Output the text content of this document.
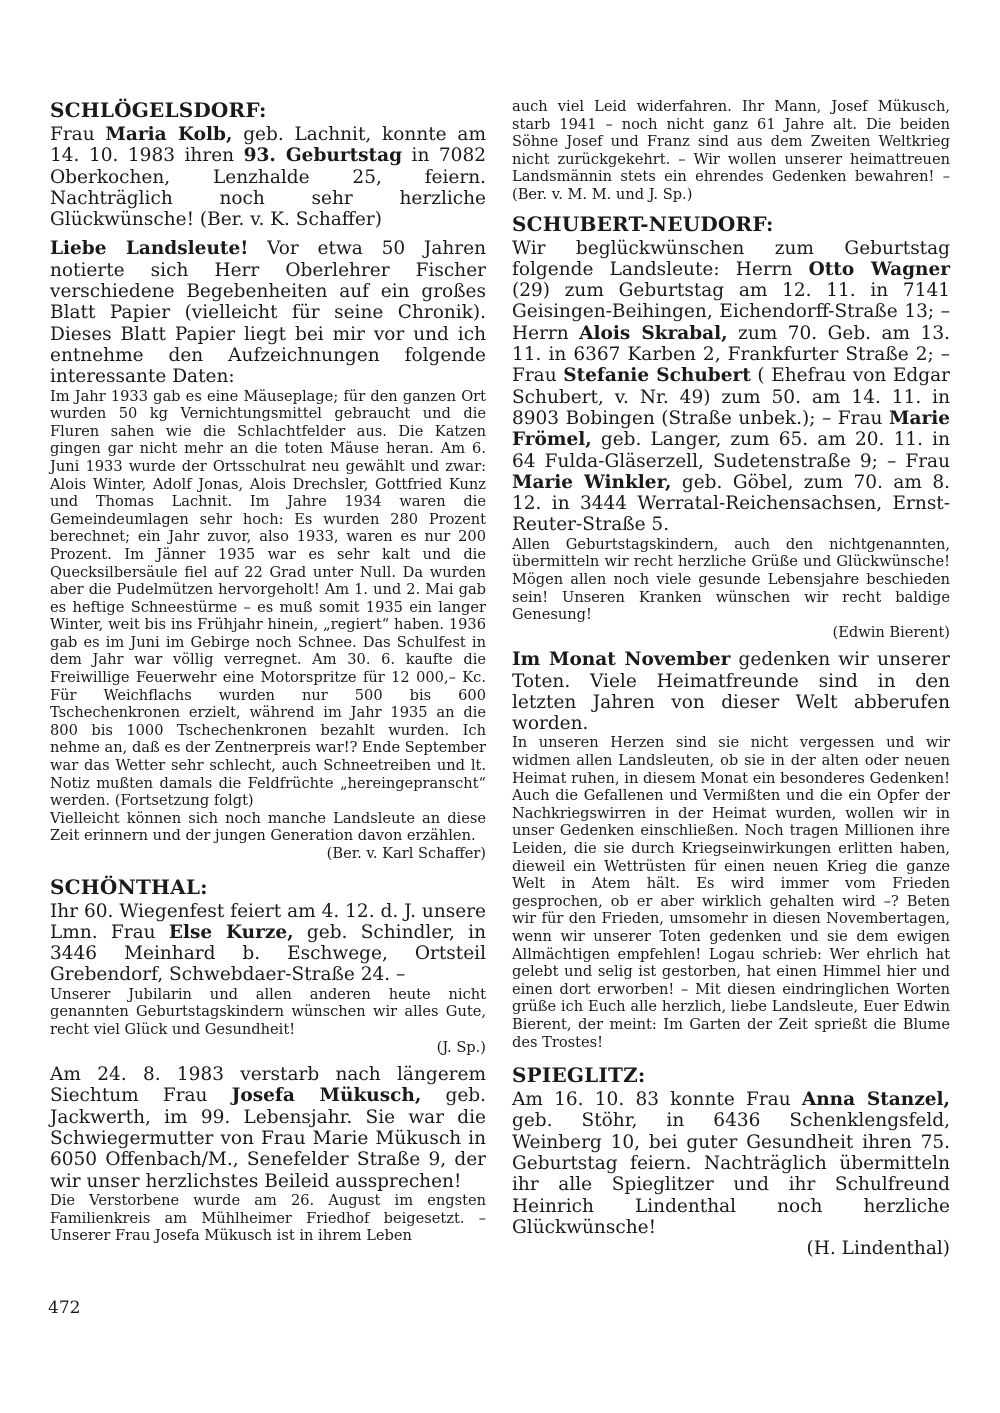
SCHLÖGELSDORF:

Frau Maria Kolb, geb. Lachnit, konnte am 14. 10. 1983 ihren 93. Geburtstag in 7082 Oberkochen, Lenzhalde 25, feiern. Nachträglich noch sehr herzliche Glückwünsche! (Ber. v. K. Schaffer)

Liebe Landsleute! Vor etwa 50 Jahren notierte sich Herr Oberlehrer Fischer verschiedene Begebenheiten auf ein großes Blatt Papier (vielleicht für seine Chronik). Dieses Blatt Papier liegt bei mir vor und ich entnehme den Aufzeichnungen folgende interessante Daten:

Im Jahr 1933 gab es eine Mäuseplage; für den ganzen Ort wurden 50 kg Vernichtungsmittel gebraucht und die Fluren sahen wie die Schlachtfelder aus. Die Katzen gingen gar nicht mehr an die toten Mäuse heran. Am 6. Juni 1933 wurde der Ortsschulrat neu gewählt und zwar: Alois Winter, Adolf Jonas, Alois Drechsler, Gottfried Kunz und Thomas Lachnit. Im Jahre 1934 waren die Gemeindeumlagen sehr hoch: Es wurden 280 Prozent berechnet; ein Jahr zuvor, also 1933, waren es nur 200 Prozent. Im Jänner 1935 war es sehr kalt und die Quecksilbersäule fiel auf 22 Grad unter Null. Da wurden aber die Pudelmützen hervorgeholt! Am 1. und 2. Mai gab es heftige Schneestürme – es muß somit 1935 ein langer Winter, weit bis ins Frühjahr hinein, „regiert“ haben. 1936 gab es im Juni im Gebirge noch Schnee. Das Schulfest in dem Jahr war völlig verregnet. Am 30. 6. kaufte die Freiwillige Feuerwehr eine Motorspritze für 12 000,– Kc. Für Weichflachs wurden nur 500 bis 600 Tschechenkronen erzielt, während im Jahr 1935 an die 800 bis 1000 Tschechenkronen bezahlt wurden. Ich nehme an, daß es der Zentnerpreis war!? Ende September war das Wetter sehr schlecht, auch Schneetreiben und lt. Notiz mußten damals die Feldfrüchte „hereingepranscht“ werden. (Fortsetzung folgt)

Vielleicht können sich noch manche Landsleute an diese Zeit erinnern und der jungen Generation davon erzählen.
(Ber. v. Karl Schaffer)

SCHÖNTHAL:

Ihr 60. Wiegenfest feiert am 4. 12. d. J. unsere Lmn. Frau Else Kurze, geb. Schindler, in 3446 Meinhard b. Eschwege, Ortsteil Grebendorf, Schwebdaer-Straße 24. –

Unserer Jubilarin und allen anderen heute nicht genannten Geburtstagskindern wünschen wir alles Gute, recht viel Glück und Gesundheit!
(J. Sp.)

Am 24. 8. 1983 verstarb nach längerem Siechtum Frau Josefa Mükusch, geb. Jackwerth, im 99. Lebensjahr. Sie war die Schwiegermutter von Frau Marie Mükusch in 6050 Offenbach/M., Senefelder Straße 9, der wir unser herzlichstes Beileid aussprechen!

Die Verstorbene wurde am 26. August im engsten Familienkreis am Mühlheimer Friedhof beigesetzt. – Unserer Frau Josefa Mükusch ist in ihrem Leben

auch viel Leid widerfahren. Ihr Mann, Josef Mükusch, starb 1941 – noch nicht ganz 61 Jahre alt. Die beiden Söhne Josef und Franz sind aus dem Zweiten Weltkrieg nicht zurückgekehrt. – Wir wollen unserer heimattreuen Landsmännin stets ein ehrendes Gedenken bewahren! – (Ber. v. M. M. und J. Sp.)

SCHUBERT-NEUDORF:

Wir beglückwünschen zum Geburtstag folgende Landsleute: Herrn Otto Wagner (29) zum Geburtstag am 12. 11. in 7141 Geisingen-Beihingen, Eichendorff-Straße 13; – Herrn Alois Skrabal, zum 70. Geb. am 13. 11. in 6367 Karben 2, Frankfurter Straße 2; – Frau Stefanie Schubert ( Ehefrau von Edgar Schubert, v. Nr. 49) zum 50. am 14. 11. in 8903 Bobingen (Straße unbek.); – Frau Marie Frömel, geb. Langer, zum 65. am 20. 11. in 64 Fulda-Gläserzell, Sudetenstraße 9; – Frau Marie Winkler, geb. Göbel, zum 70. am 8. 12. in 3444 Werratal-Reichensachsen, Ernst-Reuter-Straße 5.

Allen Geburtstagskindern, auch den nichtgenannten, übermitteln wir recht herzliche Grüße und Glückwünsche! Mögen allen noch viele gesunde Lebensjahre beschieden sein! Unseren Kranken wünschen wir recht baldige Genesung!
(Edwin Bierent)

Im Monat November gedenken wir unserer Toten. Viele Heimatfreunde sind in den letzten Jahren von dieser Welt abberufen worden.

In unseren Herzen sind sie nicht vergessen und wir widmen allen Landsleuten, ob sie in der alten oder neuen Heimat ruhen, in diesem Monat ein besonderes Gedenken! Auch die Gefallenen und Vermißten und die ein Opfer der Nachkriegswirren in der Heimat wurden, wollen wir in unser Gedenken einschließen. Noch tragen Millionen ihre Leiden, die sie durch Kriegseinwirkungen erlitten haben, dieweil ein Wettrüsten für einen neuen Krieg die ganze Welt in Atem hält. Es wird immer vom Frieden gesprochen, ob er aber wirklich gehalten wird –? Beten wir für den Frieden, umsomehr in diesen Novembertagen, wenn wir unserer Toten gedenken und sie dem ewigen Allmächtigen empfehlen! Logau schrieb: Wer ehrlich hat gelebt und selig ist gestorben, hat einen Himmel hier und einen dort erworben! – Mit diesen eindringlichen Worten grüße ich Euch alle herzlich, liebe Landsleute, Euer Edwin Bierent, der meint: Im Garten der Zeit sprießt die Blume des Trostes!

SPIEGLITZ:

Am 16. 10. 83 konnte Frau Anna Stanzel, geb. Stöhr, in 6436 Schenklengsfeld, Weinberg 10, bei guter Gesundheit ihren 75. Geburtstag feiern. Nachträglich übermitteln ihr alle Spieglitzer und ihr Schulfreund Heinrich Lindenthal noch herzliche Glückwünsche!
(H. Lindenthal)

472
